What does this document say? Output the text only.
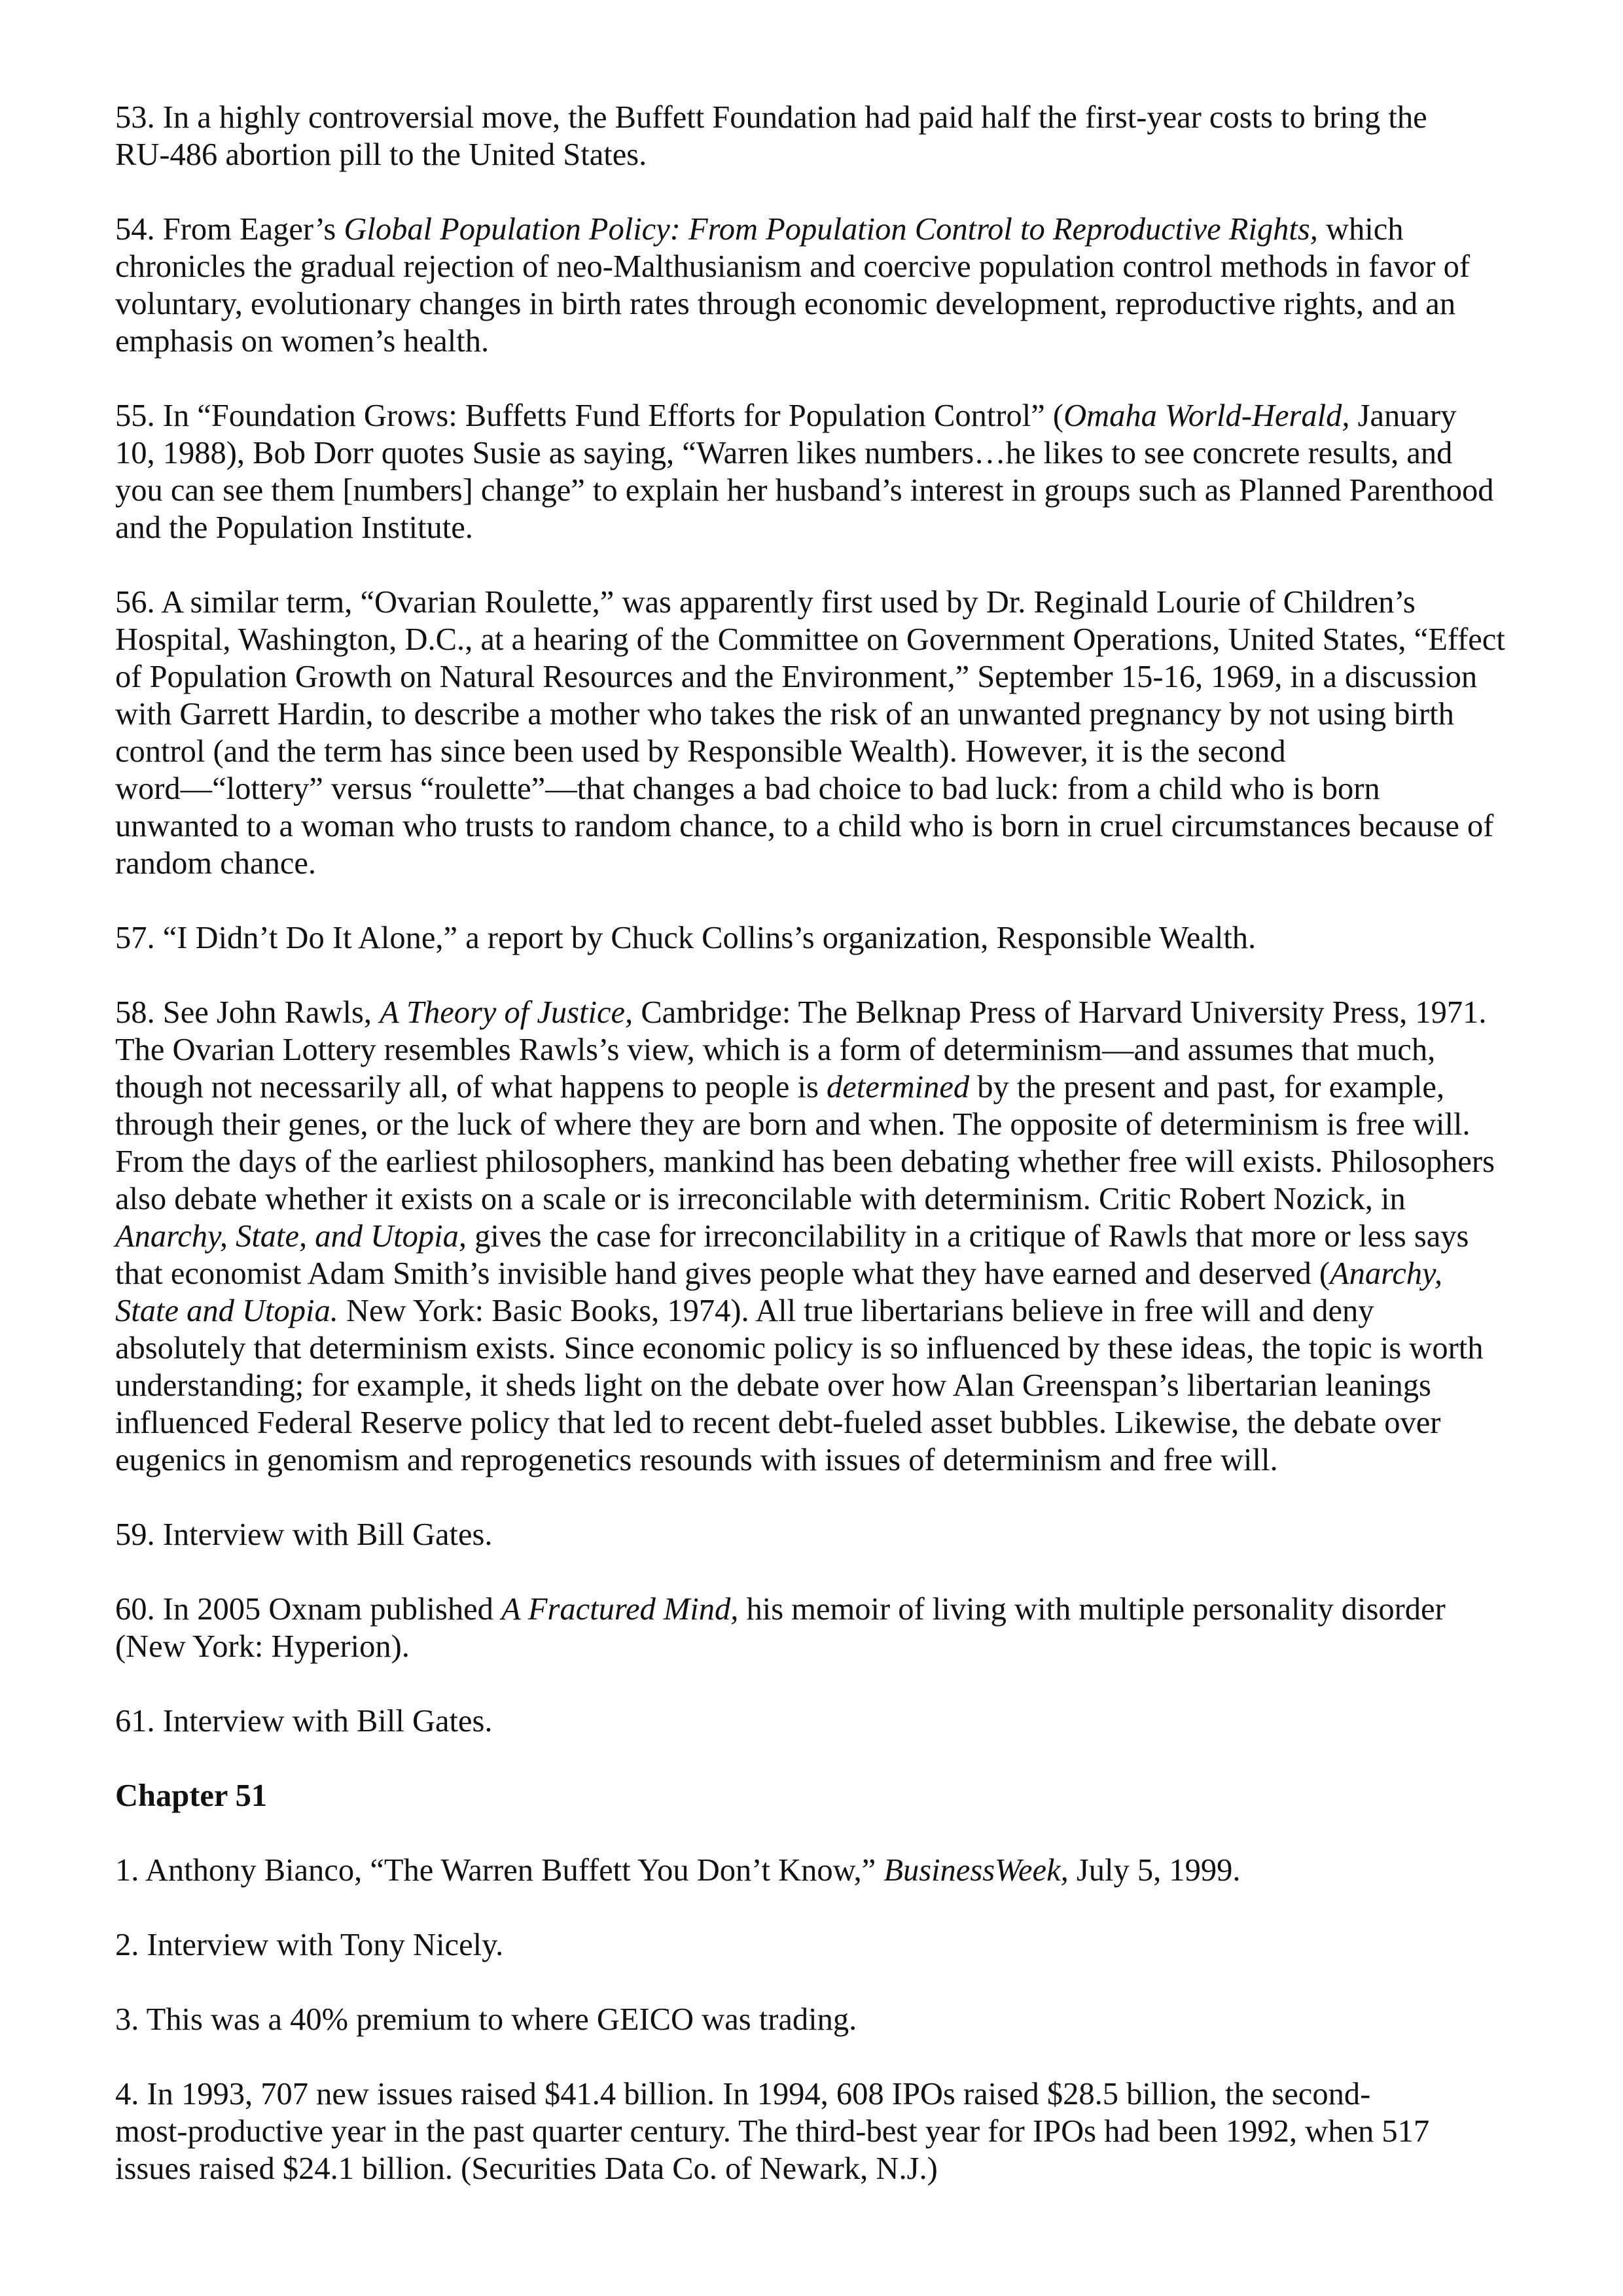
53. In a highly controversial move, the Buffett Foundation had paid half the first-year costs to bring the
RU-486 abortion pill to the United States.
54. From Eager’s Global Population Policy: From Population Control to Reproductive Rights, which
chronicles the gradual rejection of neo-Malthusianism and coercive population control methods in favor of
voluntary, evolutionary changes in birth rates through economic development, reproductive rights, and an
emphasis on women’s health.
55. In “Foundation Grows: Buffetts Fund Efforts for Population Control” (Omaha World-Herald, January
10, 1988), Bob Dorr quotes Susie as saying, “Warren likes numbers…he likes to see concrete results, and
you can see them [numbers] change” to explain her husband’s interest in groups such as Planned Parenthood
and the Population Institute.
56. A similar term, “Ovarian Roulette,” was apparently first used by Dr. Reginald Lourie of Children’s
Hospital, Washington, D.C., at a hearing of the Committee on Government Operations, United States, “Effect
of Population Growth on Natural Resources and the Environment,” September 15-16, 1969, in a discussion
with Garrett Hardin, to describe a mother who takes the risk of an unwanted pregnancy by not using birth
control (and the term has since been used by Responsible Wealth). However, it is the second
word—“lottery” versus “roulette”—that changes a bad choice to bad luck: from a child who is born
unwanted to a woman who trusts to random chance, to a child who is born in cruel circumstances because of
random chance.
57. “I Didn’t Do It Alone,” a report by Chuck Collins’s organization, Responsible Wealth.
58. See John Rawls, A Theory of Justice, Cambridge: The Belknap Press of Harvard University Press, 1971.
The Ovarian Lottery resembles Rawls’s view, which is a form of determinism—and assumes that much,
though not necessarily all, of what happens to people is determined by the present and past, for example,
through their genes, or the luck of where they are born and when. The opposite of determinism is free will.
From the days of the earliest philosophers, mankind has been debating whether free will exists. Philosophers
also debate whether it exists on a scale or is irreconcilable with determinism. Critic Robert Nozick, in
Anarchy, State, and Utopia, gives the case for irreconcilability in a critique of Rawls that more or less says
that economist Adam Smith’s invisible hand gives people what they have earned and deserved (Anarchy,
State and Utopia. New York: Basic Books, 1974). All true libertarians believe in free will and deny
absolutely that determinism exists. Since economic policy is so influenced by these ideas, the topic is worth
understanding; for example, it sheds light on the debate over how Alan Greenspan’s libertarian leanings
influenced Federal Reserve policy that led to recent debt-fueled asset bubbles. Likewise, the debate over
eugenics in genomism and reprogenetics resounds with issues of determinism and free will.
59. Interview with Bill Gates.
60. In 2005 Oxnam published A Fractured Mind, his memoir of living with multiple personality disorder
(New York: Hyperion).
61. Interview with Bill Gates.
Chapter 51
1. Anthony Bianco, “The Warren Buffett You Don’t Know,” BusinessWeek, July 5, 1999.
2. Interview with Tony Nicely.
3. This was a 40% premium to where GEICO was trading.
4. In 1993, 707 new issues raised $41.4 billion. In 1994, 608 IPOs raised $28.5 billion, the second-
most-productive year in the past quarter century. The third-best year for IPOs had been 1992, when 517
issues raised $24.1 billion. (Securities Data Co. of Newark, N.J.)
